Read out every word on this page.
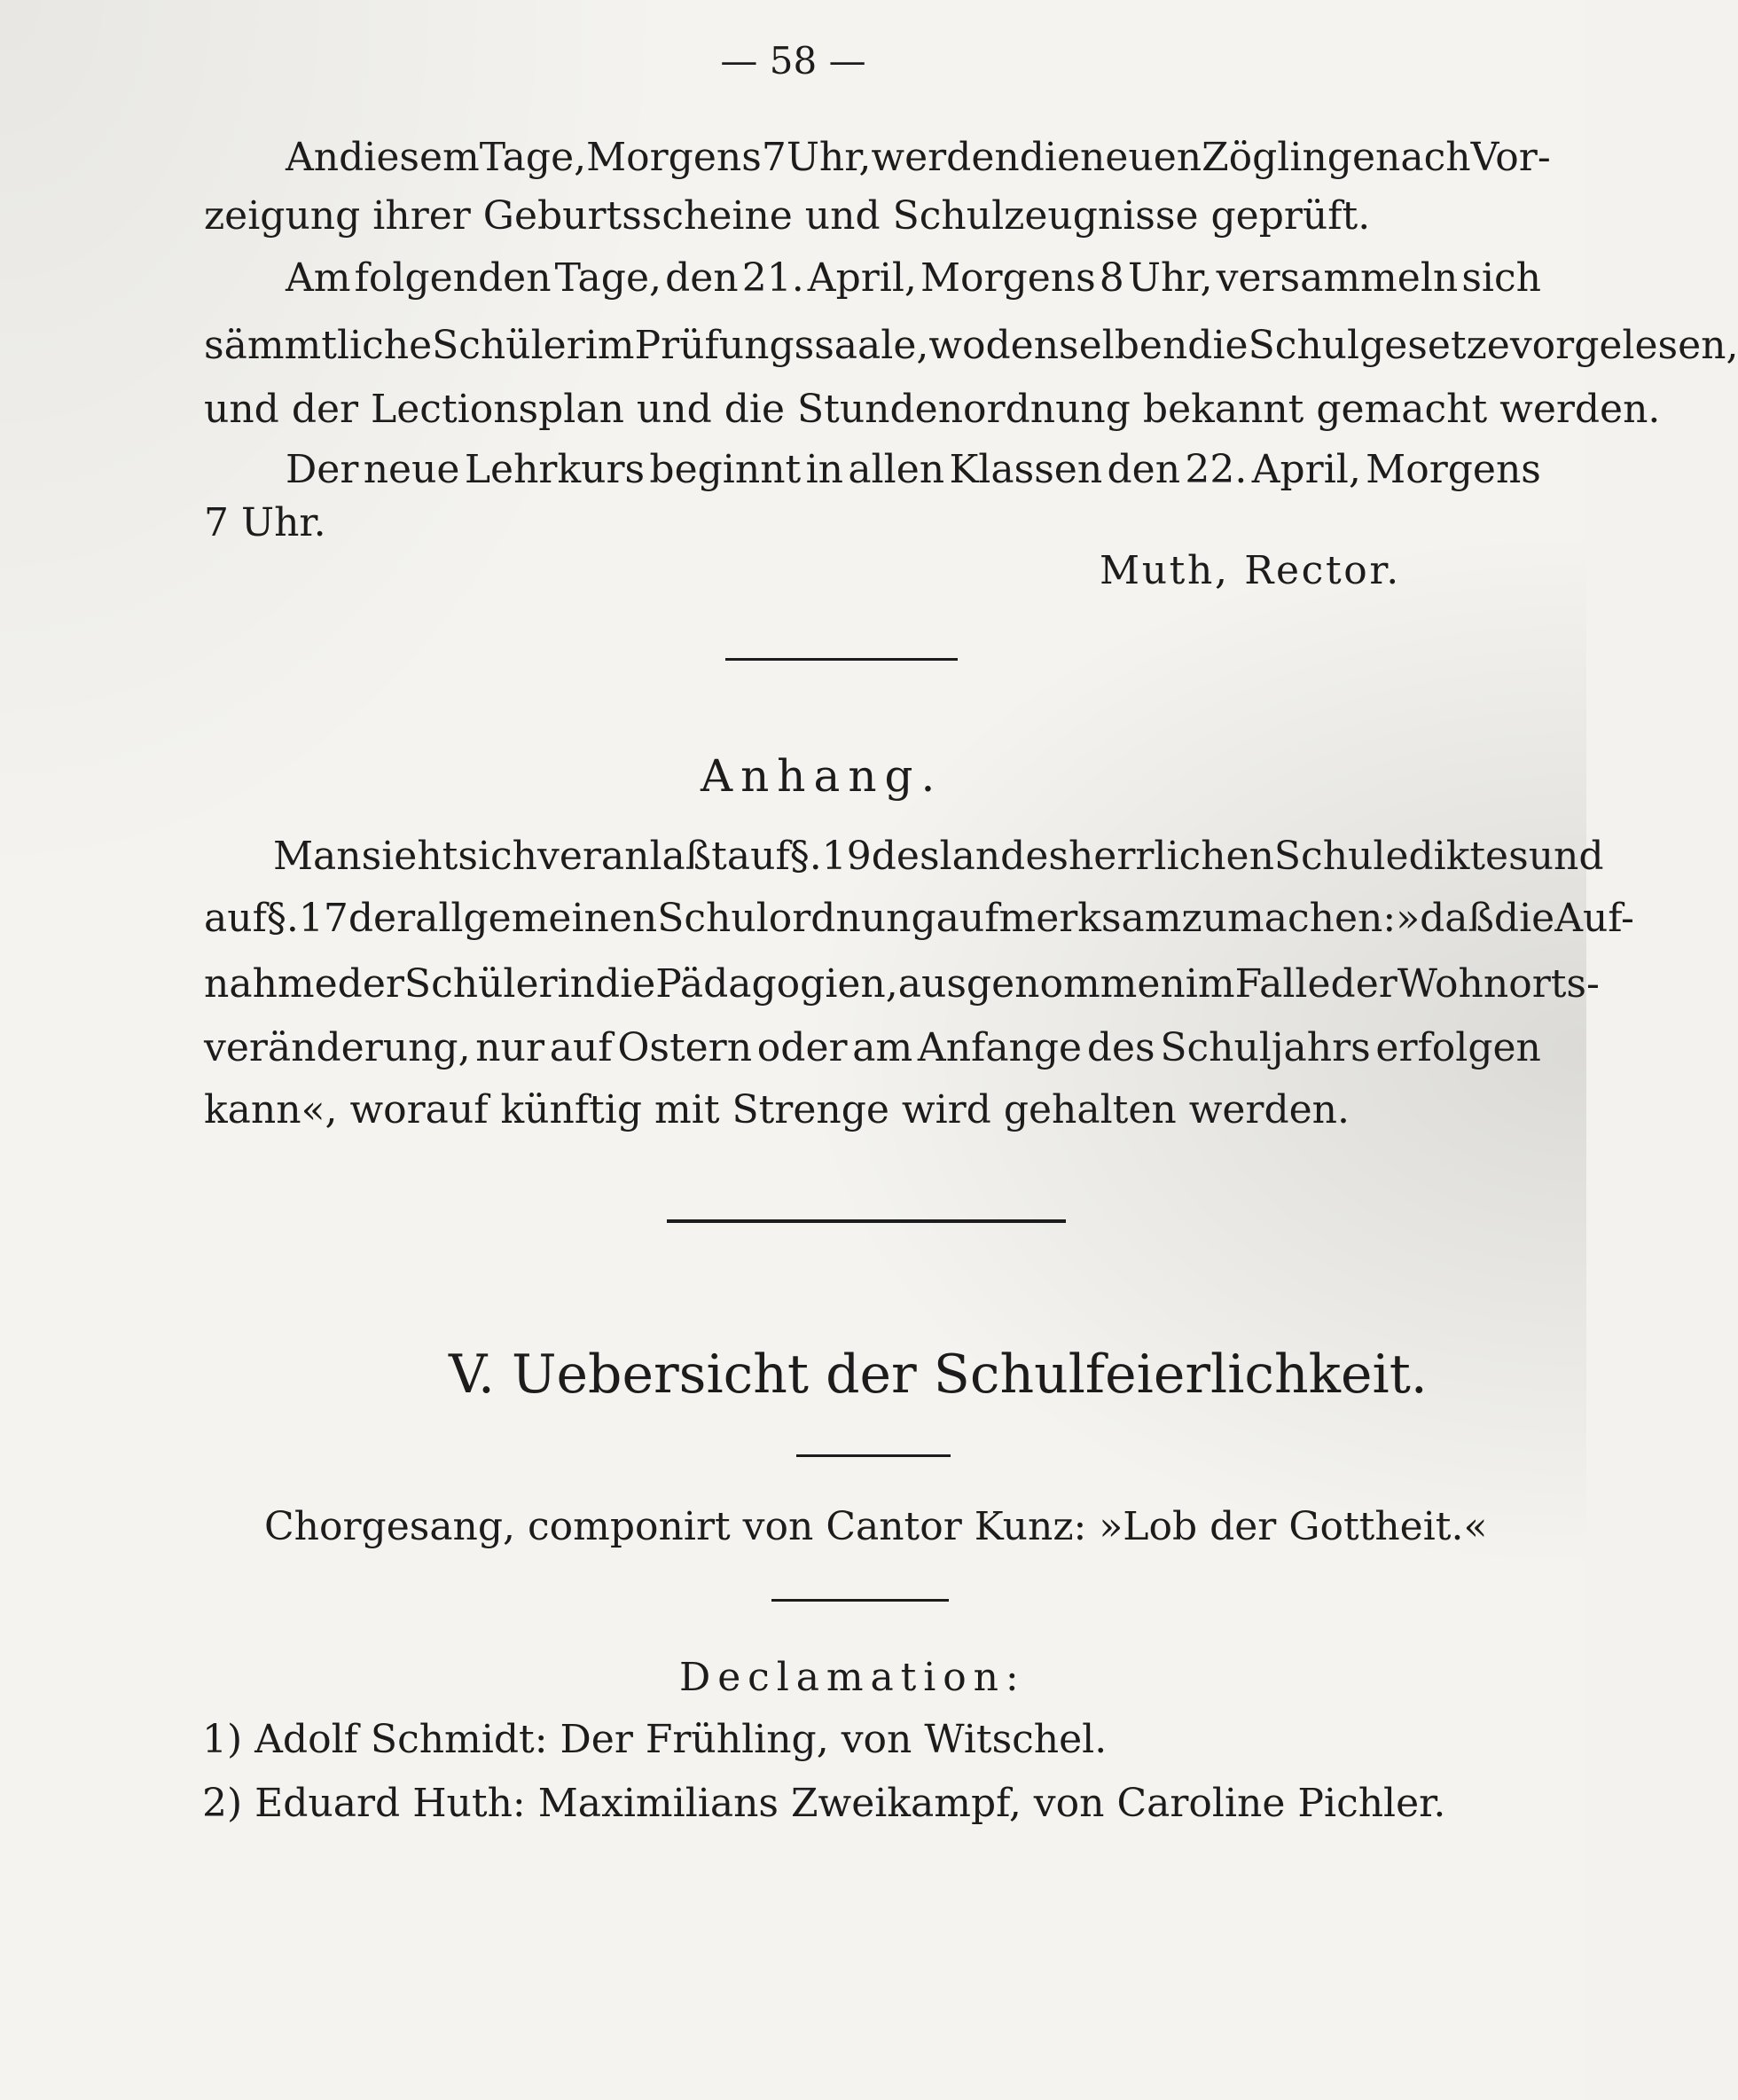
— 58 —
An diesem Tage, Morgens 7 Uhr, werden die neuen Zöglinge nach Vor-
zeigung ihrer Geburtsscheine und Schulzeugnisse geprüft.
Am folgenden Tage, den 21. April, Morgens 8 Uhr, versammeln sich
sämmtliche Schüler im Prüfungssaale, wo denselben die Schulgesetze vorgelesen,
und der Lectionsplan und die Stundenordnung bekannt gemacht werden.
Der neue Lehrkurs beginnt in allen Klassen den 22. April, Morgens
7 Uhr.
Muth, Rector.
Anhang.
Man sieht sich veranlaßt auf §. 19 des landesherrlichen Schulediktes und
auf §. 17 der allgemeinen Schulordnung aufmerksam zu machen: »daß die Auf-
nahme der Schüler in die Pädagogien, ausgenommen im Falle der Wohnorts-
veränderung, nur auf Ostern oder am Anfange des Schuljahrs erfolgen
kann«, worauf künftig mit Strenge wird gehalten werden.
V. Uebersicht der Schulfeierlichkeit.
Chorgesang, componirt von Cantor Kunz: »Lob der Gottheit.«
Declamation:
1) Adolf Schmidt: Der Frühling, von Witschel.
2) Eduard Huth: Maximilians Zweikampf, von Caroline Pichler.
